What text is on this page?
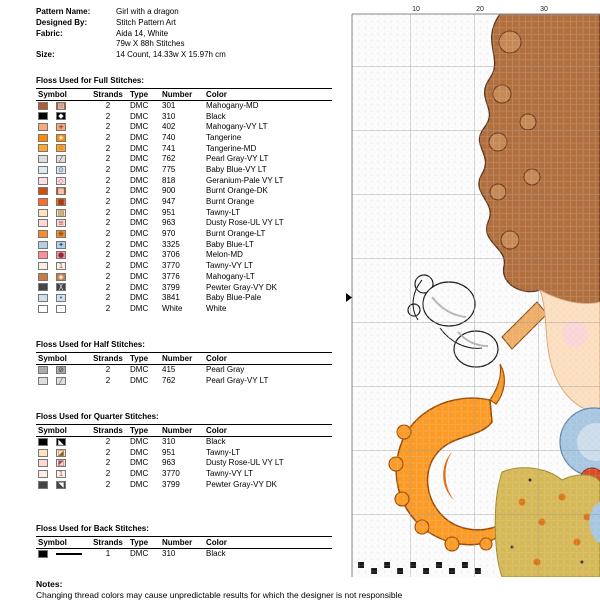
Pattern Name:	Girl with a dragon
Designed By:	Stitch Pattern Art
Fabric:	Aida 14, White
79w X 88h Stitches
Size:	14 Count, 14.33w X 15.97h cm
Floss Used for Full Stitches:
Symbol	Strands	Type	Number	Color
▨	2	DMC	301	Mahogany-MD
◆	2	DMC	310	Black
+	2	DMC	402	Mahogany-VY LT
★	2	DMC	740	Tangerine
☆	2	DMC	741	Tangerine-MD
╱	2	DMC	762	Pearl Gray-VY LT
⊙	2	DMC	775	Baby Blue-VY LT
◇	2	DMC	818	Geranium-Pale VY LT
▩	2	DMC	900	Burnt Orange-DK
▦	2	DMC	947	Burnt Orange
▤	2	DMC	951	Tawny-LT
≡	2	DMC	963	Dusty Rose-UL VY LT
⊕	2	DMC	970	Burnt Orange-LT
✦	2	DMC	3325	Baby Blue-LT
●	2	DMC	3706	Melon-MD
1	2	DMC	3770	Tawny-VY LT
◈	2	DMC	3776	Mahogany-LT
╳	2	DMC	3799	Pewter Gray-VY DK
•	2	DMC	3841	Baby Blue-Pale
·	2	DMC	White	White
Floss Used for Half Stitches:
Symbol	Strands	Type	Number	Color
⊘	2	DMC	415	Pearl Gray
╱	2	DMC	762	Pearl Gray-VY LT
Floss Used for Quarter Stitches:
Symbol	Strands	Type	Number	Color
◣	2	DMC	310	Black
◪	2	DMC	951	Tawny-LT
◩	2	DMC	963	Dusty Rose-UL VY LT
1	2	DMC	3770	Tawny-VY LT
◥	2	DMC	3799	Pewter Gray-VY DK
Floss Used for Back Stitches:
Symbol	Strands	Type	Number	Color
	1	DMC	310	Black
Notes:
Changing thread colors may cause unpredictable results for which the designer is not responsible
10	20	30
